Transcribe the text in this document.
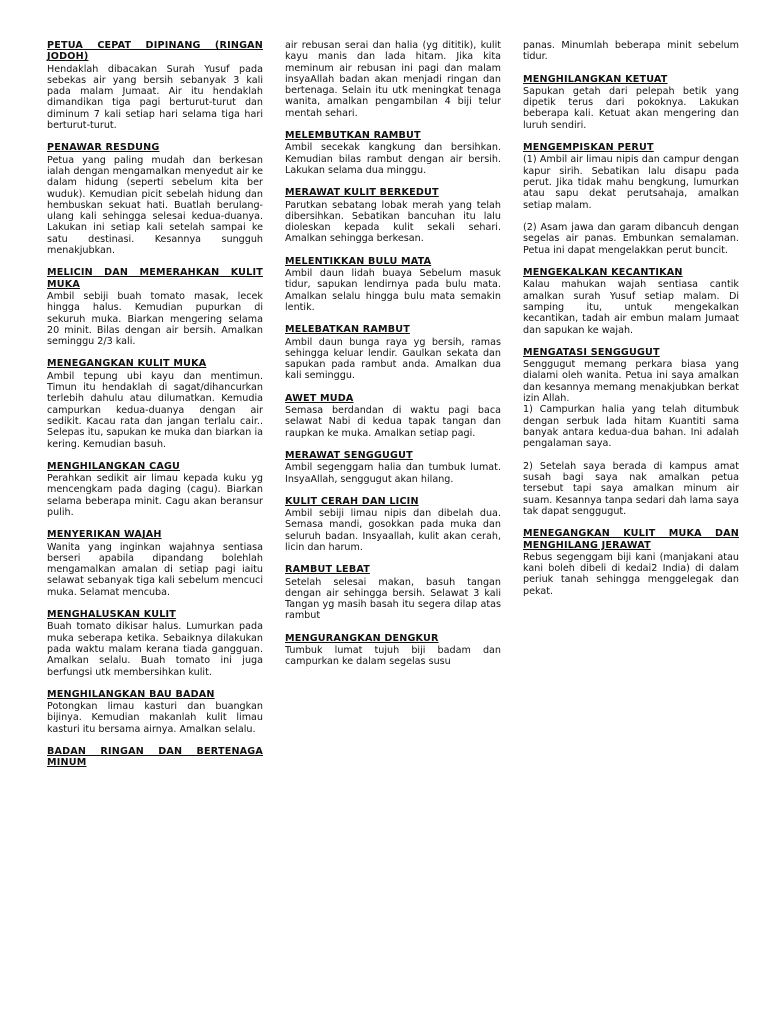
PETUA CEPAT DIPINANG (RINGAN JODOH)

Hendaklah dibacakan Surah Yusuf pada sebekas air yang bersih sebanyak 3 kali pada malam Jumaat. Air itu hendaklah dimandikan tiga pagi berturut-turut dan diminum 7 kali setiap hari selama tiga hari berturut-turut.

PENAWAR RESDUNG

Petua yang paling mudah dan berkesan ialah dengan mengamalkan menyedut air ke dalam hidung (seperti sebelum kita ber wuduk). Kemudian picit sebelah hidung dan hembuskan sekuat hati. Buatlah berulang-ulang kali sehingga selesai kedua-duanya. Lakukan ini setiap kali setelah sampai ke satu destinasi. Kesannya sungguh menakjubkan.

MELICIN DAN MEMERAHKAN KULIT MUKA

Ambil sebiji buah tomato masak, lecek hingga halus. Kemudian pupurkan di sekuruh muka. Biarkan mengering selama 20 minit. Bilas dengan air bersih. Amalkan seminggu 2/3 kali.

MENEGANGKAN KULIT MUKA

Ambil tepung ubi kayu dan mentimun. Timun itu hendaklah di sagat/dihancurkan terlebih dahulu atau dilumatkan. Kemudia campurkan kedua-duanya dengan air sedikit. Kacau rata dan jangan terlalu cair.. Selepas itu, sapukan ke muka dan biarkan ia kering. Kemudian basuh.

MENGHILANGKAN CAGU

Perahkan sedikit air limau kepada kuku yg mencengkam pada daging (cagu). Biarkan selama beberapa minit. Cagu akan beransur pulih.

MENYERIKAN WAJAH

Wanita yang inginkan wajahnya sentiasa berseri apabila dipandang bolehlah mengamalkan amalan di setiap pagi iaitu selawat sebanyak tiga kali sebelum mencuci muka. Selamat mencuba.

MENGHALUSKAN KULIT

Buah tomato dikisar halus. Lumurkan pada muka seberapa ketika. Sebaiknya dilakukan pada waktu malam kerana tiada gangguan. Amalkan selalu. Buah tomato ini juga berfungsi utk membersihkan kulit.

MENGHILANGKAN BAU BADAN

Potongkan limau kasturi dan buangkan bijinya. Kemudian makanlah kulit limau kasturi itu bersama airnya. Amalkan selalu.

BADAN RINGAN DAN BERTENAGA MINUM

air rebusan serai dan halia (yg dititik), kulit kayu manis dan lada hitam. Jika kita meminum air rebusan ini pagi dan malam insyaAllah badan akan menjadi ringan dan bertenaga. Selain itu utk meningkat tenaga wanita, amalkan pengambilan 4 biji telur mentah sehari.

MELEMBUTKAN RAMBUT

Ambil secekak kangkung dan bersihkan. Kemudian bilas rambut dengan air bersih. Lakukan selama dua minggu.

MERAWAT KULIT BERKEDUT

Parutkan sebatang lobak merah yang telah dibersihkan. Sebatikan bancuhan itu lalu dioleskan kepada kulit sekali sehari. Amalkan sehingga berkesan.

MELENTIKKAN BULU MATA

Ambil daun lidah buaya Sebelum masuk tidur, sapukan lendirnya pada bulu mata. Amalkan selalu hingga bulu mata semakin lentik.

MELEBATKAN RAMBUT

Ambil daun bunga raya yg bersih, ramas sehingga keluar lendir. Gaulkan sekata dan sapukan pada rambut anda. Amalkan dua kali seminggu.

AWET MUDA

Semasa berdandan di waktu pagi baca selawat Nabi di kedua tapak tangan dan raupkan ke muka. Amalkan setiap pagi.

MERAWAT SENGGUGUT

Ambil segenggam halia dan tumbuk lumat. InsyaAllah, senggugut akan hilang.

KULIT CERAH DAN LICIN

Ambil sebiji limau nipis dan dibelah dua. Semasa mandi, gosokkan pada muka dan seluruh badan. Insyaallah, kulit akan cerah, licin dan harum.

RAMBUT LEBAT

Setelah selesai makan, basuh tangan dengan air sehingga bersih. Selawat 3 kali Tangan yg masih basah itu segera dilap atas rambut

MENGURANGKAN DENGKUR

Tumbuk lumat tujuh biji badam dan campurkan ke dalam segelas susu

panas. Minumlah beberapa minit sebelum tidur.

MENGHILANGKAN KETUAT

Sapukan getah dari pelepah betik yang dipetik terus dari pokoknya. Lakukan beberapa kali. Ketuat akan mengering dan luruh sendiri.

MENGEMPISKAN PERUT

(1) Ambil air limau nipis dan campur dengan kapur sirih. Sebatikan lalu disapu pada perut. Jika tidak mahu bengkung, lumurkan atau sapu dekat perutsahaja, amalkan setiap malam.

(2) Asam jawa dan garam dibancuh dengan segelas air panas. Embunkan semalaman. Petua ini dapat mengelakkan perut buncit.

MENGEKALKAN KECANTIKAN

Kalau mahukan wajah sentiasa cantik amalkan surah Yusuf setiap malam. Di samping itu, untuk mengekalkan kecantikan, tadah air embun malam Jumaat dan sapukan ke wajah.

MENGATASI SENGGUGUT

Senggugut memang perkara biasa yang dialami oleh wanita. Petua ini saya amalkan dan kesannya memang menakjubkan berkat izin Allah.
1) Campurkan halia yang telah ditumbuk dengan serbuk lada hitam Kuantiti sama banyak antara kedua-dua bahan. Ini adalah pengalaman saya.

2) Setelah saya berada di kampus amat susah bagi saya nak amalkan petua tersebut tapi saya amalkan minum air suam. Kesannya tanpa sedari dah lama saya tak dapat senggugut.

MENEGANGKAN KULIT MUKA DAN MENGHILANG JERAWAT

Rebus segenggam biji kani (manjakani atau kani boleh dibeli di kedai2 India) di dalam periuk tanah sehingga menggelegak dan pekat.
